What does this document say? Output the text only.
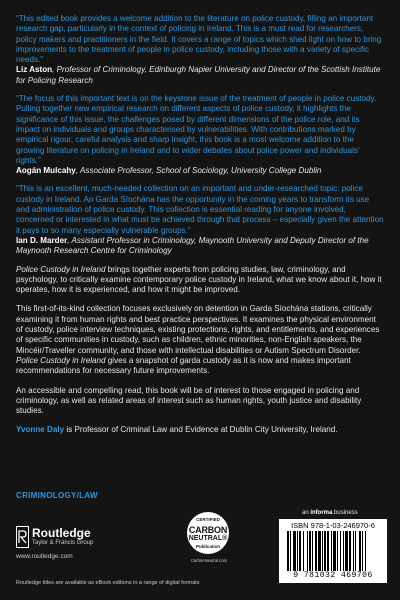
“This edited book provides a welcome addition to the literature on police custody, filling an important research gap, particularly in the context of policing in Ireland. This is a must read for researchers, policy makers and practitioners in the field. It covers a range of topics which shed light on how to bring improvements to the treatment of people in police custody, including those with a variety of specific needs.”

Liz Aston, Professor of Criminology, Edinburgh Napier University and Director of the Scottish Institute for Policing Research

“The focus of this important text is on the keystone issue of the treatment of people in police custody. Pulling together new empirical research on different aspects of police custody, it highlights the significance of this issue, the challenges posed by different dimensions of the police role, and its impact on individuals and groups characterised by vulnerabilities. With contributions marked by empirical rigour, careful analysis and sharp insight, this book is a most welcome addition to the growing literature on policing in Ireland and to wider debates about police power and individuals’ rights.”

Aogán Mulcahy, Associate Professor, School of Sociology, University College Dublin

“This is an excellent, much-needed collection on an important and under-researched topic: police custody in Ireland. An Garda Síochána has the opportunity in the coming years to transform its use and administration of police custody. This collection is essential reading for anyone involved, concerned or interested in what must be achieved through that process – especially given the attention it pays to so many especially vulnerable groups.”

Ian D. Marder, Assistant Professor in Criminology, Maynooth University and Deputy Director of the Maynooth Research Centre for Criminology

Police Custody in Ireland brings together experts from policing studies, law, criminology, and psychology, to critically examine contemporary police custody in Ireland, what we know about it, how it operates, how it is experienced, and how it might be improved.

This first-of-its-kind collection focuses exclusively on detention in Garda Síochána stations, critically examining it from human rights and best practice perspectives. It examines the physical environment of custody, police interview techniques, existing protections, rights, and entitlements, and experiences of specific communities in custody, such as children, ethnic minorities, non-English speakers, the Mincéir/Traveller community, and those with intellectual disabilities or Autism Spectrum Disorder. Police Custody in Ireland gives a snapshot of garda custody as it is now and makes important recommendations for necessary future improvements.

An accessible and compelling read, this book will be of interest to those engaged in policing and criminology, as well as related areas of interest such as human rights, youth justice and disability studies.

Yvonne Daly is Professor of Criminal Law and Evidence at Dublin City University, Ireland.

CRIMINOLOGY/LAW
Routledge
Taylor & Francis Group
www.routledge.com
CERTIFIED
CARBON
NEUTRAL®
Publication
CarbonNeutral.com
an informa business
ISBN 978-1-03-246970-6
9 781032 469706
Routledge titles are available as eBook editions in a range of digital formats
